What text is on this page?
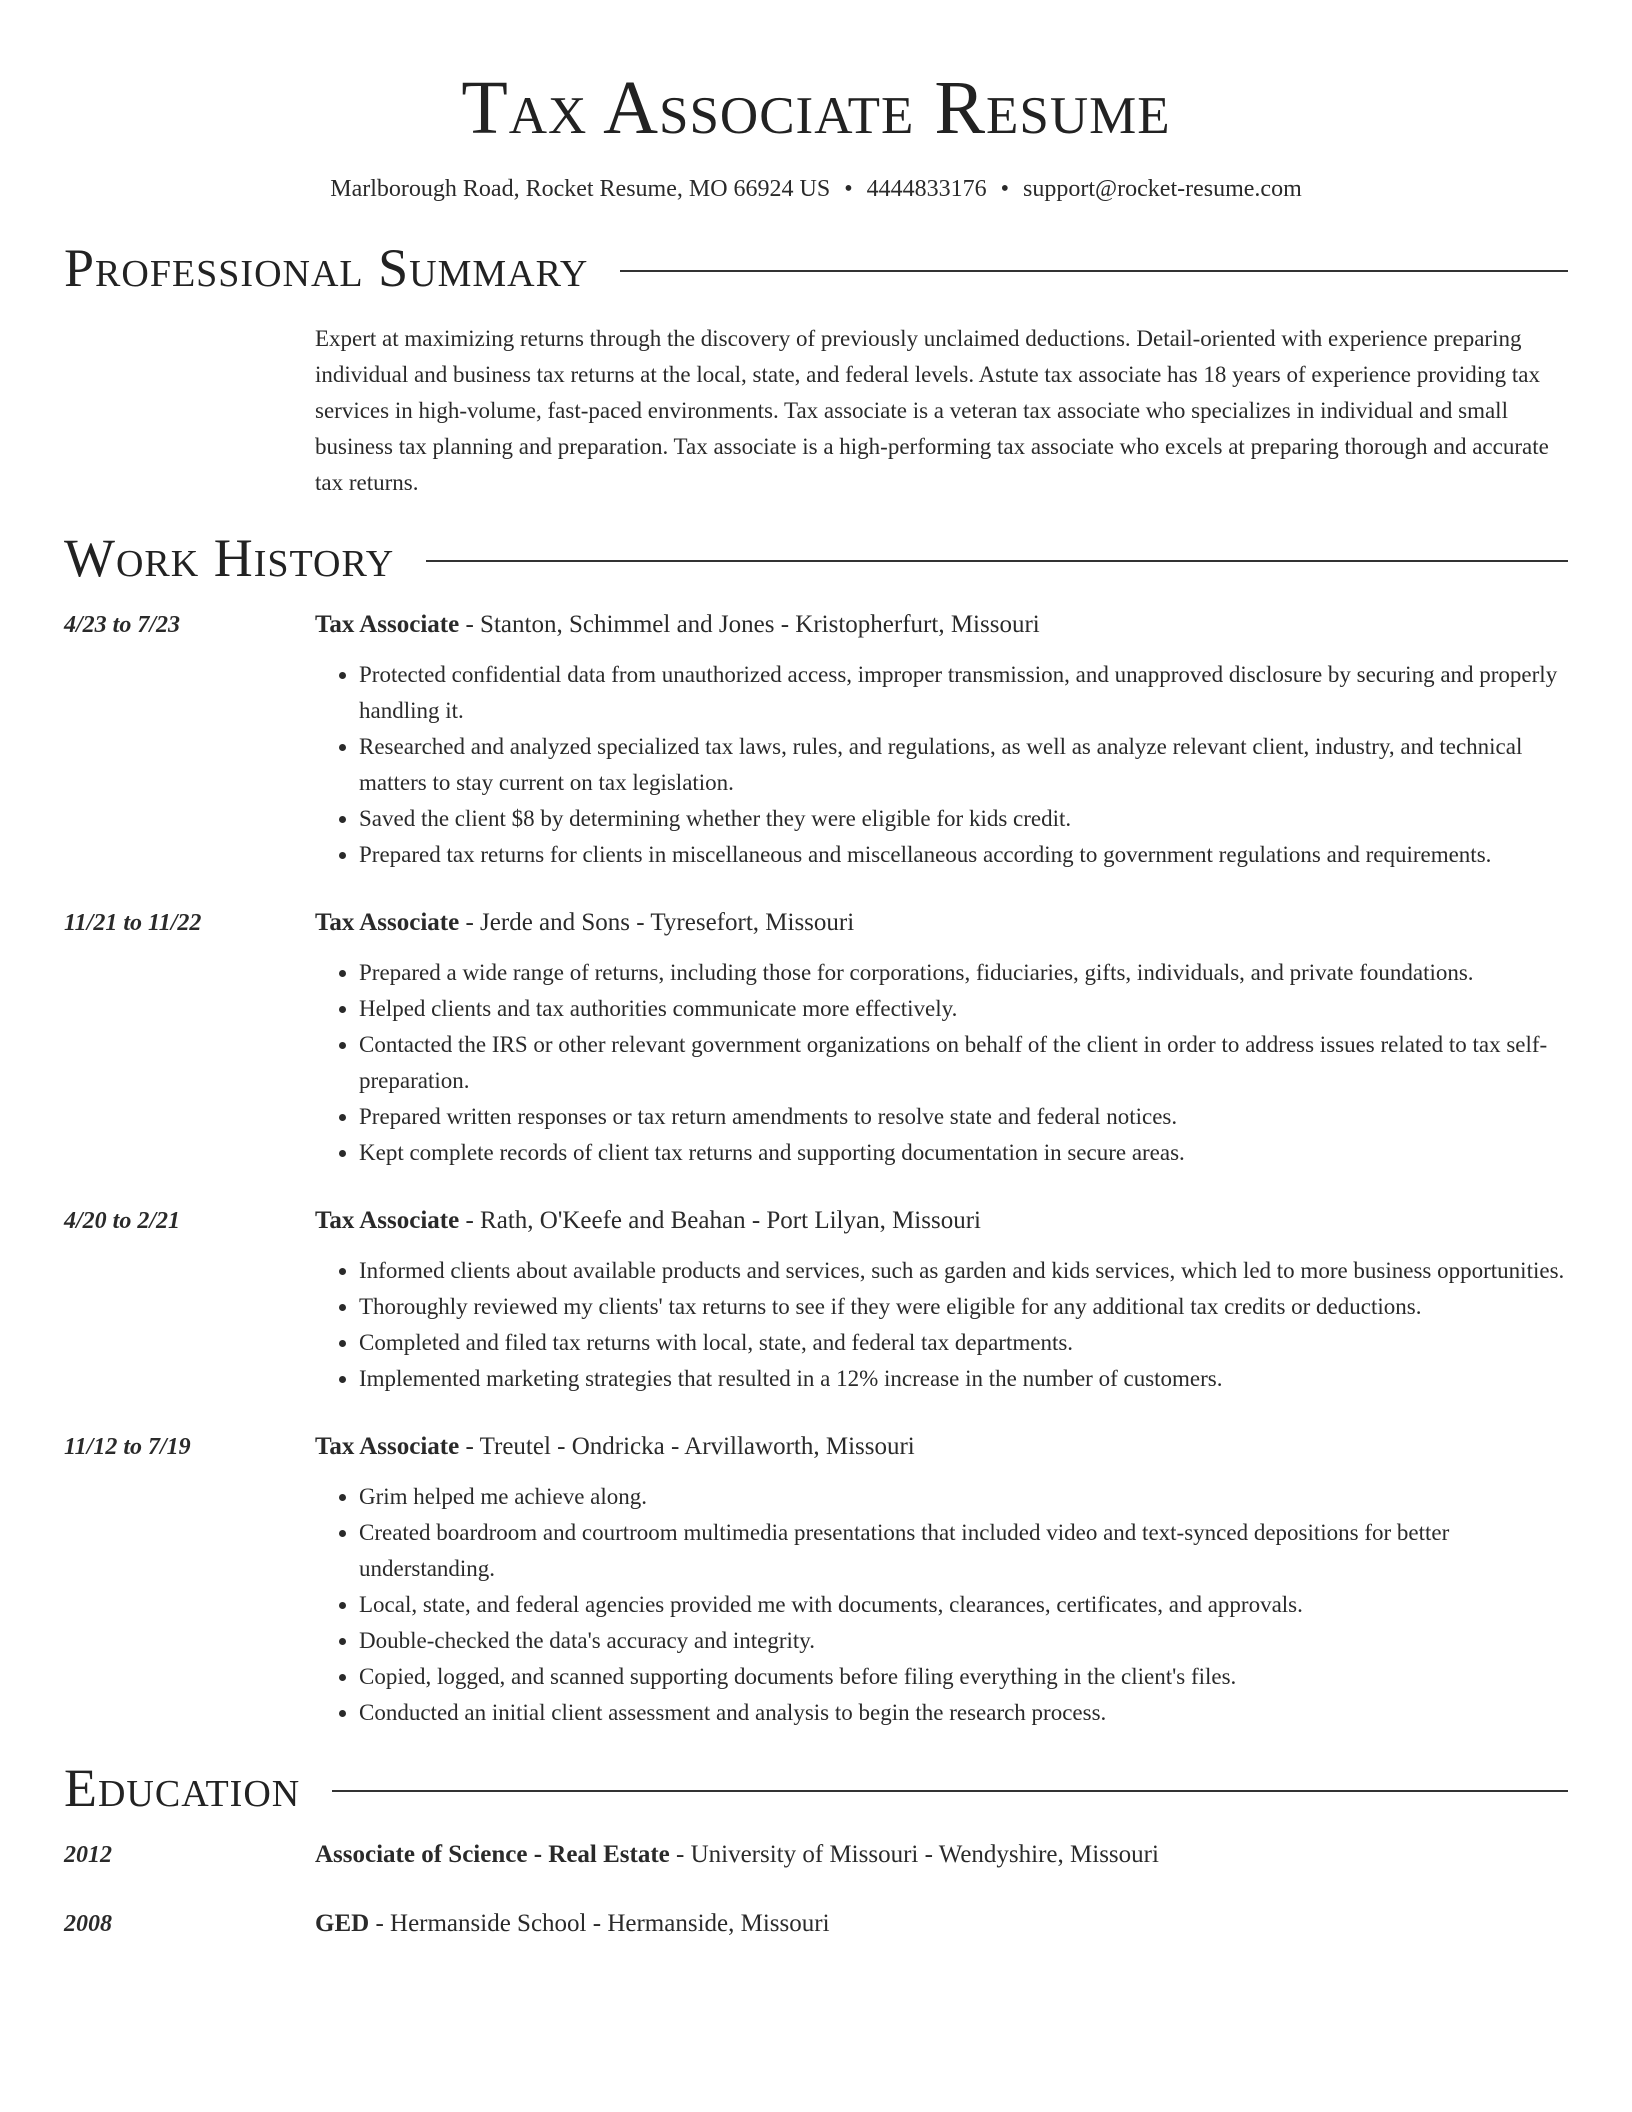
Tax Associate Resume
Marlborough Road, Rocket Resume, MO 66924 US • 4444833176 • support@rocket-resume.com
Professional Summary
Expert at maximizing returns through the discovery of previously unclaimed deductions. Detail-oriented with experience preparing individual and business tax returns at the local, state, and federal levels. Astute tax associate has 18 years of experience providing tax services in high-volume, fast-paced environments. Tax associate is a veteran tax associate who specializes in individual and small business tax planning and preparation. Tax associate is a high-performing tax associate who excels at preparing thorough and accurate tax returns.
Work History
4/23 to 7/23	Tax Associate - Stanton, Schimmel and Jones - Kristopherfurt, Missouri
• Protected confidential data from unauthorized access, improper transmission, and unapproved disclosure by securing and properly handling it.
• Researched and analyzed specialized tax laws, rules, and regulations, as well as analyze relevant client, industry, and technical matters to stay current on tax legislation.
• Saved the client $8 by determining whether they were eligible for kids credit.
• Prepared tax returns for clients in miscellaneous and miscellaneous according to government regulations and requirements.
11/21 to 11/22	Tax Associate - Jerde and Sons - Tyresefort, Missouri
• Prepared a wide range of returns, including those for corporations, fiduciaries, gifts, individuals, and private foundations.
• Helped clients and tax authorities communicate more effectively.
• Contacted the IRS or other relevant government organizations on behalf of the client in order to address issues related to tax self-preparation.
• Prepared written responses or tax return amendments to resolve state and federal notices.
• Kept complete records of client tax returns and supporting documentation in secure areas.
4/20 to 2/21	Tax Associate - Rath, O'Keefe and Beahan - Port Lilyan, Missouri
• Informed clients about available products and services, such as garden and kids services, which led to more business opportunities.
• Thoroughly reviewed my clients' tax returns to see if they were eligible for any additional tax credits or deductions.
• Completed and filed tax returns with local, state, and federal tax departments.
• Implemented marketing strategies that resulted in a 12% increase in the number of customers.
11/12 to 7/19	Tax Associate - Treutel - Ondricka - Arvillaworth, Missouri
• Grim helped me achieve along.
• Created boardroom and courtroom multimedia presentations that included video and text-synced depositions for better understanding.
• Local, state, and federal agencies provided me with documents, clearances, certificates, and approvals.
• Double-checked the data's accuracy and integrity.
• Copied, logged, and scanned supporting documents before filing everything in the client's files.
• Conducted an initial client assessment and analysis to begin the research process.
Education
2012	Associate of Science - Real Estate - University of Missouri - Wendyshire, Missouri
2008	GED - Hermanside School - Hermanside, Missouri
